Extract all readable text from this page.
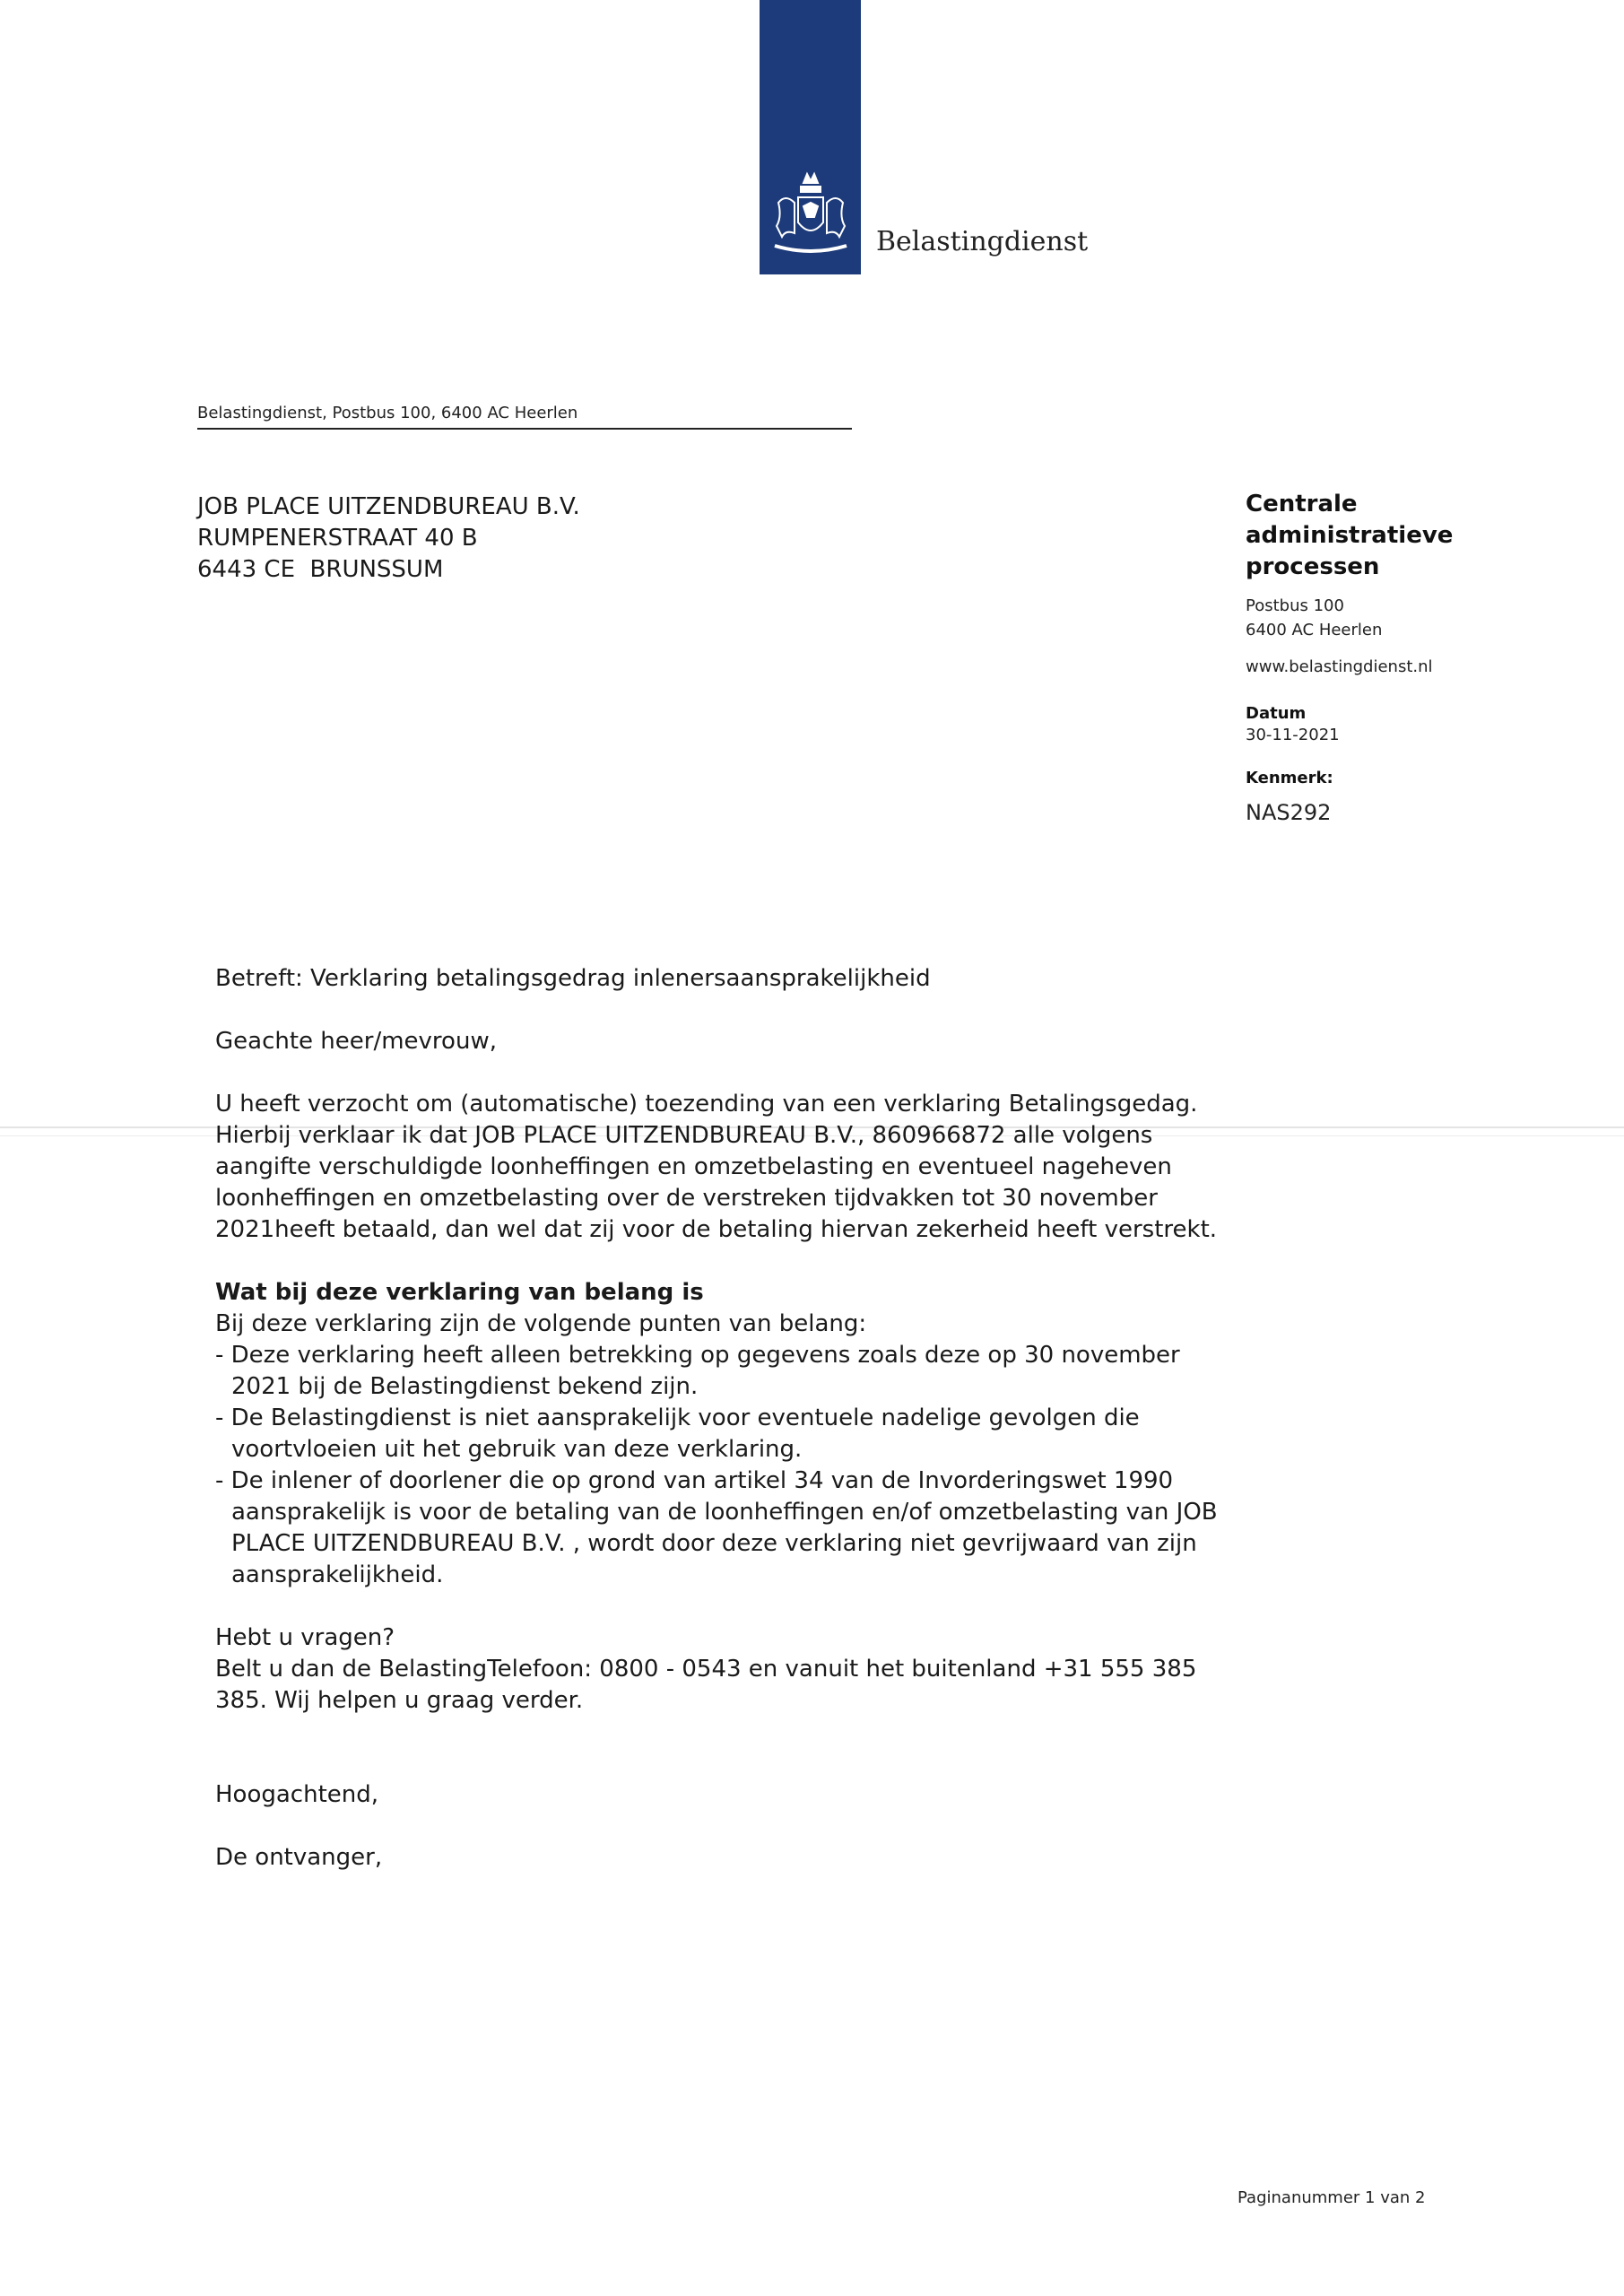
Belastingdienst
Belastingdienst, Postbus 100, 6400 AC Heerlen
JOB PLACE UITZENDBUREAU B.V.
RUMPENERSTRAAT 40 B
6443 CE  BRUNSSUM
Centrale administratieve processen
Postbus 100
6400 AC Heerlen
www.belastingdienst.nl
Datum
30-11-2021
Kenmerk:
NAS292

Betreft: Verklaring betalingsgedrag inlenersaansprakelijkheid

Geachte heer/mevrouw,

U heeft verzocht om (automatische) toezending van een verklaring Betalingsgedag.

Hierbij verklaar ik dat JOB PLACE UITZENDBUREAU B.V., 860966872 alle volgens aangifte verschuldigde loonheffingen en omzetbelasting en eventueel nageheven loonheffingen en omzetbelasting over de verstreken tijdvakken tot 30 november 2021heeft betaald, dan wel dat zij voor de betaling hiervan zekerheid heeft verstrekt.

Wat bij deze verklaring van belang is

Bij deze verklaring zijn de volgende punten van belang:

- Deze verklaring heeft alleen betrekking op gegevens zoals deze op 30 november 2021 bij de Belastingdienst bekend zijn.

- De Belastingdienst is niet aansprakelijk voor eventuele nadelige gevolgen die voortvloeien uit het gebruik van deze verklaring.

- De inlener of doorlener die op grond van artikel 34 van de Invorderingswet 1990 aansprakelijk is voor de betaling van de loonheffingen en/of omzetbelasting van JOB PLACE UITZENDBUREAU B.V. , wordt door deze verklaring niet gevrijwaard van zijn aansprakelijkheid.

Hebt u vragen?

Belt u dan de BelastingTelefoon: 0800 - 0543 en vanuit het buitenland +31 555 385 385. Wij helpen u graag verder.

Hoogachtend,

De ontvanger,

Paginanummer 1 van 2
